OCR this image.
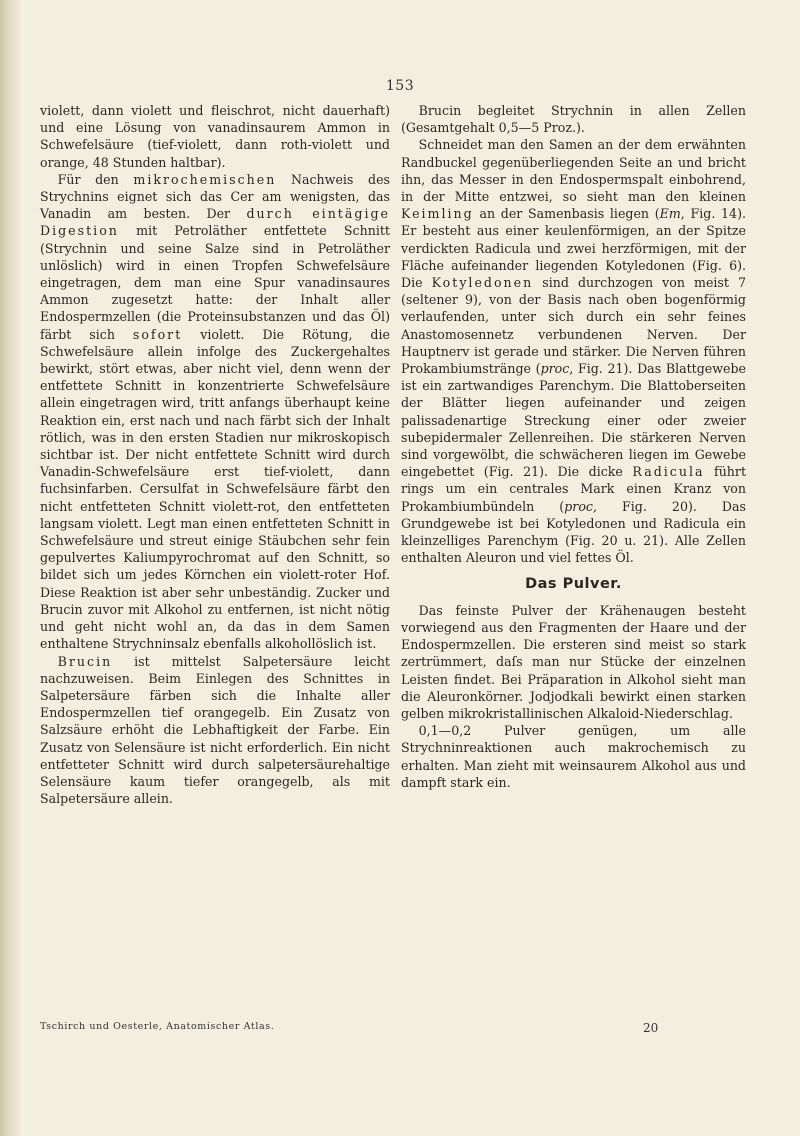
153

violett, dann violett und fleischrot, nicht dauerhaft) und eine Lösung von vanadinsaurem Ammon in Schwefelsäure (tief-violett, dann roth-violett und orange, 48 Stunden haltbar).

Für den mikrochemischen Nachweis des Strychnins eignet sich das Cer am wenigsten, das Vanadin am besten. Der durch eintägige Digestion mit Petroläther entfettete Schnitt (Strychnin und seine Salze sind in Petroläther unlöslich) wird in einen Tropfen Schwefelsäure eingetragen, dem man eine Spur vanadinsaures Ammon zugesetzt hatte: der Inhalt aller Endospermzellen (die Proteinsubstanzen und das Öl) färbt sich sofort violett. Die Rötung, die Schwefelsäure allein infolge des Zuckergehaltes bewirkt, stört etwas, aber nicht viel, denn wenn der entfettete Schnitt in konzentrierte Schwefelsäure allein eingetragen wird, tritt anfangs überhaupt keine Reaktion ein, erst nach und nach färbt sich der Inhalt rötlich, was in den ersten Stadien nur mikroskopisch sichtbar ist. Der nicht entfettete Schnitt wird durch Vanadin-Schwefelsäure erst tief-violett, dann fuchsinfarben. Cersulfat in Schwefelsäure färbt den nicht entfetteten Schnitt violett-rot, den entfetteten langsam violett. Legt man einen entfetteten Schnitt in Schwefelsäure und streut einige Stäubchen sehr fein gepulvertes Kaliumpyrochromat auf den Schnitt, so bildet sich um jedes Körnchen ein violett-roter Hof. Diese Reaktion ist aber sehr unbeständig. Zucker und Brucin zuvor mit Alkohol zu entfernen, ist nicht nötig und geht nicht wohl an, da das in dem Samen enthaltene Strychninsalz ebenfalls alkohollöslich ist.

Brucin ist mittelst Salpetersäure leicht nachzuweisen. Beim Einlegen des Schnittes in Salpetersäure färben sich die Inhalte aller Endospermzellen tief orangegelb. Ein Zusatz von Salzsäure erhöht die Lebhaftigkeit der Farbe. Ein Zusatz von Selensäure ist nicht erforderlich. Ein nicht entfetteter Schnitt wird durch salpetersäurehaltige Selensäure kaum tiefer orangegelb, als mit Salpetersäure allein.

Brucin begleitet Strychnin in allen Zellen (Gesamtgehalt 0,5—5 Proz.).

Schneidet man den Samen an der dem erwähnten Randbuckel gegenüberliegenden Seite an und bricht ihn, das Messer in den Endospermspalt einbohrend, in der Mitte entzwei, so sieht man den kleinen Keimling an der Samenbasis liegen (Em, Fig. 14). Er besteht aus einer keulenförmigen, an der Spitze verdickten Radicula und zwei herzförmigen, mit der Fläche aufeinander liegenden Kotyledonen (Fig. 6). Die Kotyledonen sind durchzogen von meist 7 (seltener 9), von der Basis nach oben bogenförmig verlaufenden, unter sich durch ein sehr feines Anastomosennetz verbundenen Nerven. Der Hauptnerv ist gerade und stärker. Die Nerven führen Prokambiumstränge (proc, Fig. 21). Das Blattgewebe ist ein zartwandiges Parenchym. Die Blattoberseiten der Blätter liegen aufeinander und zeigen palissadenartige Streckung einer oder zweier subepidermaler Zellenreihen. Die stärkeren Nerven sind vorgewölbt, die schwächeren liegen im Gewebe eingebettet (Fig. 21). Die dicke Radicula führt rings um ein centrales Mark einen Kranz von Prokambiumbündeln (proc, Fig. 20). Das Grundgewebe ist bei Kotyledonen und Radicula ein kleinzelliges Parenchym (Fig. 20 u. 21). Alle Zellen enthalten Aleuron und viel fettes Öl.

Das Pulver.

Das feinste Pulver der Krähenaugen besteht vorwiegend aus den Fragmenten der Haare und der Endospermzellen. Die ersteren sind meist so stark zertrümmert, daſs man nur Stücke der einzelnen Leisten findet. Bei Präparation in Alkohol sieht man die Aleuronkörner. Jodjodkali bewirkt einen starken gelben mikrokristallinischen Alkaloid-Niederschlag.

0,1—0,2 Pulver genügen, um alle Strychninreaktionen auch makrochemisch zu erhalten. Man zieht mit weinsaurem Alkohol aus und dampft stark ein.

Tschirch und Oesterle, Anatomischer Atlas.	20
